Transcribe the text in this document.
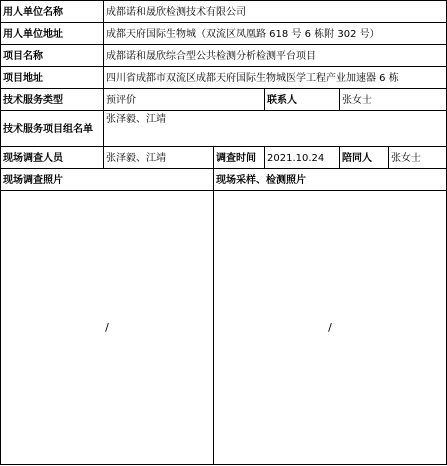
用人单位名称	成都诺和晟欣检测技术有限公司				
用人单位地址	成都天府国际生物城（双流区凤凰路 618 号 6 栋附 302 号）				
项目名称	成都诺和晟欣综合型公共检测分析检测平台项目				
项目地址	四川省成都市双流区成都天府国际生物城医学工程产业加速器 6 栋				
技术服务类型	预评价		联系人	张女士	
技术服务项目组名单	张泽毅、江靖				
现场调查人员	张泽毅、江靖	调查时间	2021.10.24	陪同人	张女士
现场调查照片		现场采样、检测照片			
/		/			
